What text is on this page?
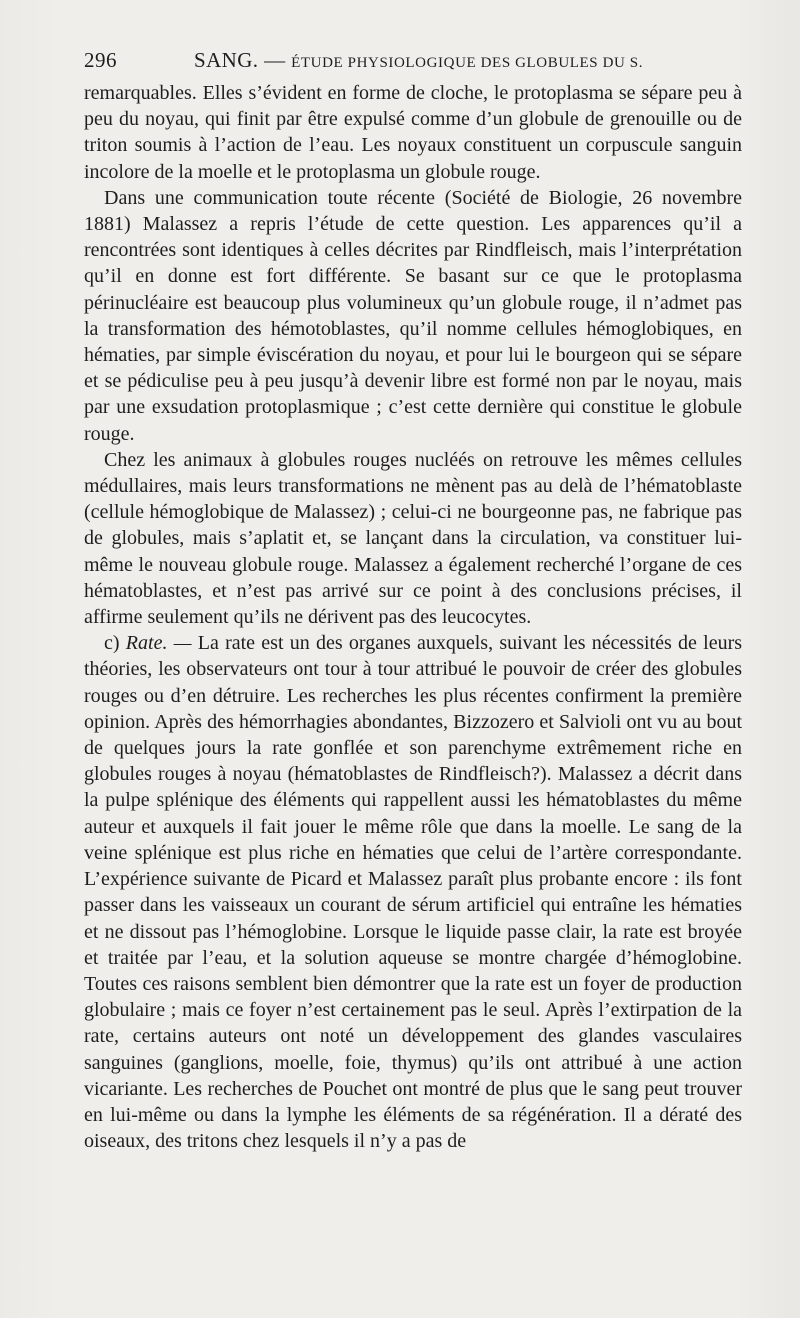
296	SANG. — ÉTUDE PHYSIOLOGIQUE DES GLOBULES DU S.

remarquables. Elles s’évident en forme de cloche, le protoplasma se sépare peu à peu du noyau, qui finit par être expulsé comme d’un globule de grenouille ou de triton soumis à l’action de l’eau. Les noyaux constituent un corpuscule sanguin incolore de la moelle et le protoplasma un globule rouge.

Dans une communication toute récente (Société de Biologie, 26 novembre 1881) Malassez a repris l’étude de cette question. Les apparences qu’il a rencontrées sont identiques à celles décrites par Rindfleisch, mais l’interprétation qu’il en donne est fort différente. Se basant sur ce que le protoplasma périnucléaire est beaucoup plus volumineux qu’un globule rouge, il n’admet pas la transformation des hémotoblastes, qu’il nomme cellules hémoglobiques, en hématies, par simple éviscération du noyau, et pour lui le bourgeon qui se sépare et se pédiculise peu à peu jusqu’à devenir libre est formé non par le noyau, mais par une exsudation protoplasmique ; c’est cette dernière qui constitue le globule rouge.

Chez les animaux à globules rouges nucléés on retrouve les mêmes cellules médullaires, mais leurs transformations ne mènent pas au delà de l’hématoblaste (cellule hémoglobique de Malassez) ; celui-ci ne bourgeonne pas, ne fabrique pas de globules, mais s’aplatit et, se lançant dans la circulation, va constituer lui-même le nouveau globule rouge. Malassez a également recherché l’organe de ces hématoblastes, et n’est pas arrivé sur ce point à des conclusions précises, il affirme seulement qu’ils ne dérivent pas des leucocytes.

c) Rate. — La rate est un des organes auxquels, suivant les nécessités de leurs théories, les observateurs ont tour à tour attribué le pouvoir de créer des globules rouges ou d’en détruire. Les recherches les plus récentes confirment la première opinion. Après des hémorrhagies abondantes, Bizzozero et Salvioli ont vu au bout de quelques jours la rate gonflée et son parenchyme extrêmement riche en globules rouges à noyau (hématoblastes de Rindfleisch?). Malassez a décrit dans la pulpe splénique des éléments qui rappellent aussi les hématoblastes du même auteur et auxquels il fait jouer le même rôle que dans la moelle. Le sang de la veine splénique est plus riche en hématies que celui de l’artère correspondante. L’expérience suivante de Picard et Malassez paraît plus probante encore : ils font passer dans les vaisseaux un courant de sérum artificiel qui entraîne les hématies et ne dissout pas l’hémoglobine. Lorsque le liquide passe clair, la rate est broyée et traitée par l’eau, et la solution aqueuse se montre chargée d’hémoglobine. Toutes ces raisons semblent bien démontrer que la rate est un foyer de production globulaire ; mais ce foyer n’est certainement pas le seul. Après l’extirpation de la rate, certains auteurs ont noté un développement des glandes vasculaires sanguines (ganglions, moelle, foie, thymus) qu’ils ont attribué à une action vicariante. Les recherches de Pouchet ont montré de plus que le sang peut trouver en lui-même ou dans la lymphe les éléments de sa régénération. Il a dératé des oiseaux, des tritons chez lesquels il n’y a pas de
